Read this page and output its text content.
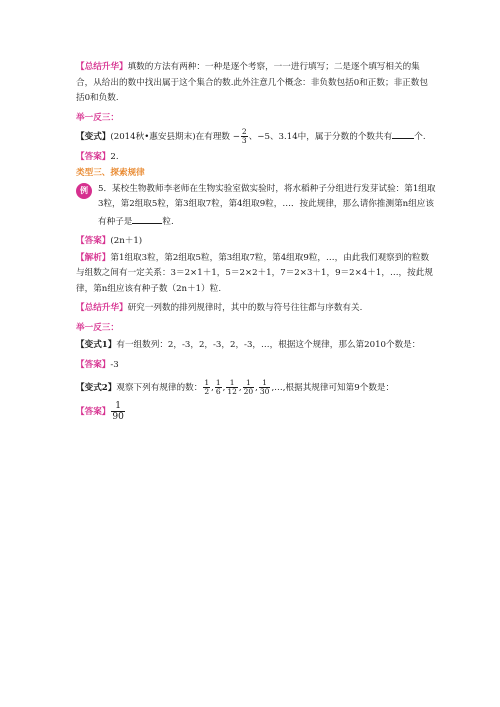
【总结升华】填数的方法有两种：一种是逐个考察，一一进行填写；二是逐个填写相关的集合，从给出的数中找出属于这个集合的数.此外注意几个概念：非负数包括0和正数；非正数包括0和负数.

举一反三：

【变式】(2014秋•惠安县期末)在有理数 − $\frac{2}{3}$ 、−5、3.14中，属于分数的个数共有	个.

【答案】2.

类型三、探索规律

例	5．某校生物教师李老师在生物实验室做实验时，将水稻种子分组进行发芽试验：第1组取3粒，第2组取5粒，第3组取7粒，第4组取9粒，…．按此规律，那么请你推测第n组应该有种子是	粒.

【答案】(2n＋1)

【解析】第1组取3粒，第2组取5粒，第3组取7粒，第4组取9粒，…，由此我们观察到的粒数与组数之间有一定关系：3＝2×1＋1，5＝2×2＋1，7＝2×3＋1，9＝2×4＋1，…，按此规律，第n组应该有种子数（2n＋1）粒.

【总结升华】研究一列数的排列规律时，其中的数与符号往往都与序数有关.

举一反三：

【变式1】有一组数列：2，-3，2，-3，2，-3，…，根据这个规律，那么第2010个数是：

【答案】-3

【变式2】观察下列有规律的数： $\frac{1}{2}$ , $\frac{1}{6}$ , $\frac{1}{12}$ , $\frac{1}{20}$ , $\frac{1}{30}$ ,…,根据其规律可知第9个数是：

【答案】 $\frac{1}{90}$
